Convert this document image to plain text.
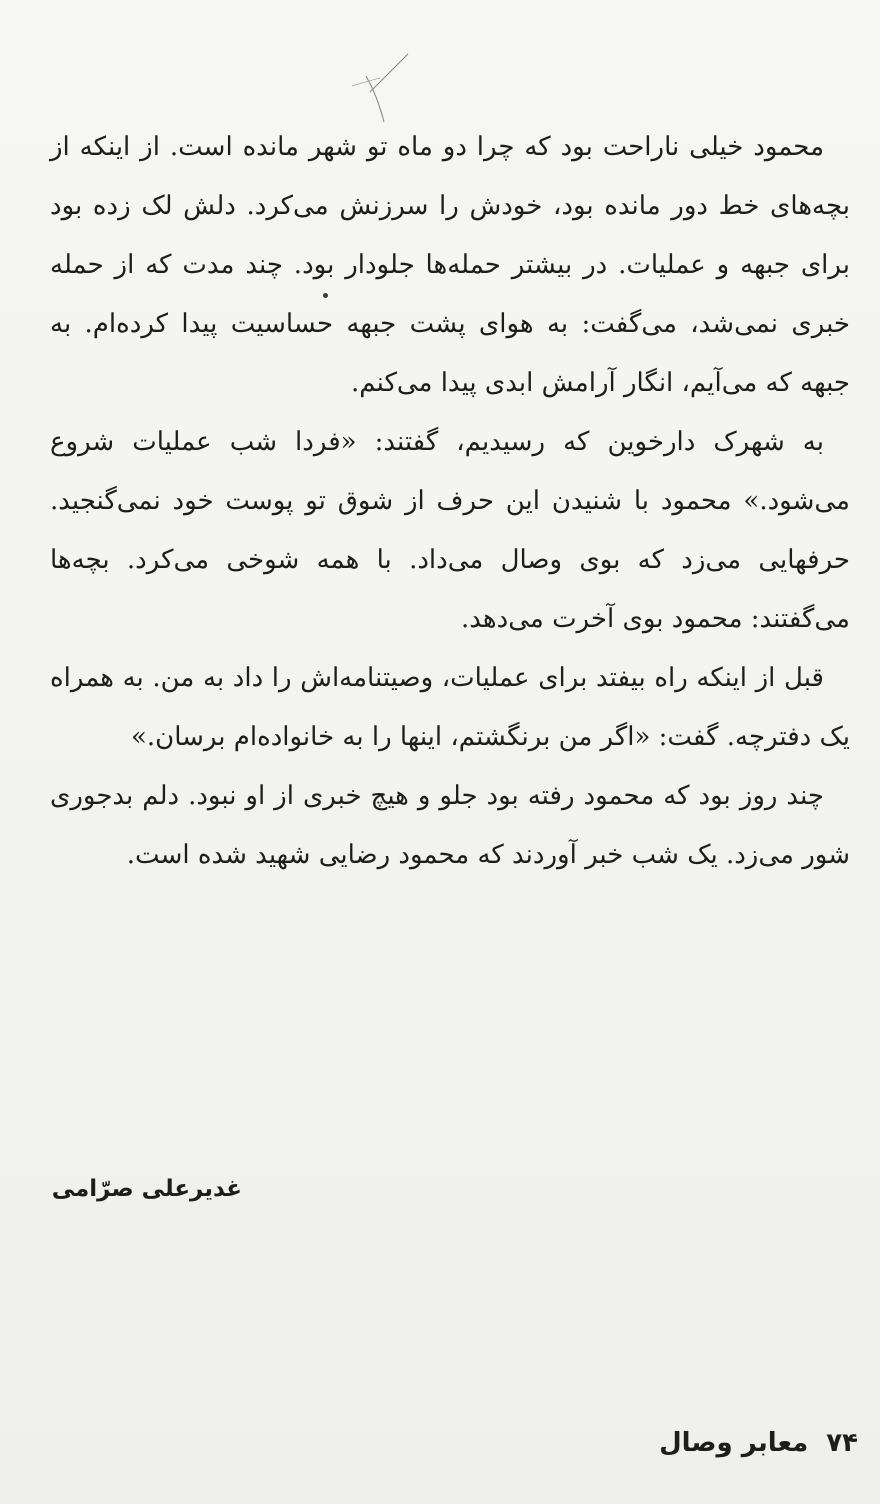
محمود خیلی ناراحت بود که چرا دو ماه تو شهر مانده است. از اینکه از بچه‌های خط دور مانده بود، خودش را سرزنش می‌کرد. دلش لک زده بود برای جبهه و عملیات. در بیشتر حمله‌ها جلودار بود. چند مدت که از حمله خبری نمی‌شد، می‌گفت: به هوای پشت جبهه حساسیت پیدا کرده‌ام. به جبهه که می‌آیم، انگار آرامش ابدی پیدا می‌کنم.

به شهرک دارخوین که رسیدیم، گفتند: «فردا شب عملیات شروع می‌شود.» محمود با شنیدن این حرف از شوق تو پوست خود نمی‌گنجید. حرفهایی می‌زد که بوی وصال می‌داد. با همه شوخی می‌کرد. بچه‌ها می‌گفتند: محمود بوی آخرت می‌دهد.

قبل از اینکه راه بیفتد برای عملیات، وصیتنامه‌اش را داد به من. به همراه یک دفترچه. گفت: «اگر من برنگشتم، اینها را به خانواده‌ام برسان.»

چند روز بود که محمود رفته بود جلو و هیچ خبری از او نبود. دلم بدجوری شور می‌زد. یک شب خبر آوردند که محمود رضایی شهید شده است.

غدیرعلی صرّامی
۷۴
معابر وصال
